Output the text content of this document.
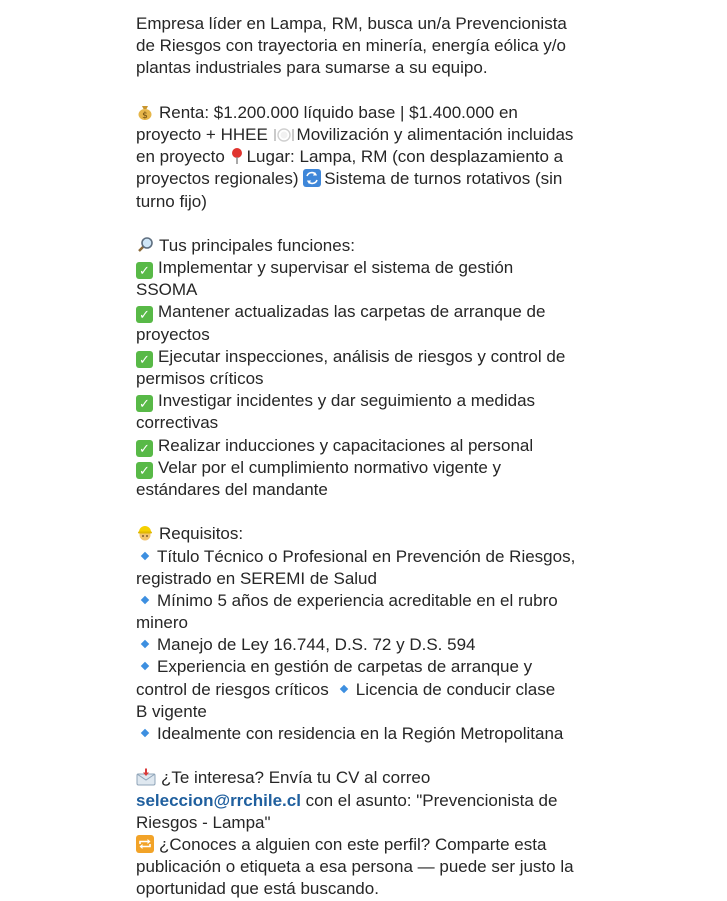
Empresa líder en Lampa, RM, busca un/a Prevencionista
de Riesgos con trayectoria en minería, energía eólica y/o
plantas industriales para sumarse a su equipo.
$ Renta: $1.200.000 líquido base | $1.400.000 en
proyecto + HHEE Movilización y alimentación incluidas
en proyecto Lugar: Lampa, RM (con desplazamiento a
proyectos regionales) Sistema de turnos rotativos (sin
turno fijo)
Tus principales funciones:
✓ Implementar y supervisar el sistema de gestión
SSOMA
✓ Mantener actualizadas las carpetas de arranque de
proyectos
✓ Ejecutar inspecciones, análisis de riesgos y control de
permisos críticos
✓ Investigar incidentes y dar seguimiento a medidas
correctivas
✓ Realizar inducciones y capacitaciones al personal
✓ Velar por el cumplimiento normativo vigente y
estándares del mandante
Requisitos:
Título Técnico o Profesional en Prevención de Riesgos,
registrado en SEREMI de Salud
Mínimo 5 años de experiencia acreditable en el rubro
minero
Manejo de Ley 16.744, D.S. 72 y D.S. 594
Experiencia en gestión de carpetas de arranque y
control de riesgos críticos Licencia de conducir clase
B vigente
Idealmente con residencia en la Región Metropolitana
¿Te interesa? Envía tu CV al correo
seleccion@rrchile.cl con el asunto: "Prevencionista de
Riesgos - Lampa"
¿Conoces a alguien con este perfil? Comparte esta
publicación o etiqueta a esa persona — puede ser justo la
oportunidad que está buscando.
